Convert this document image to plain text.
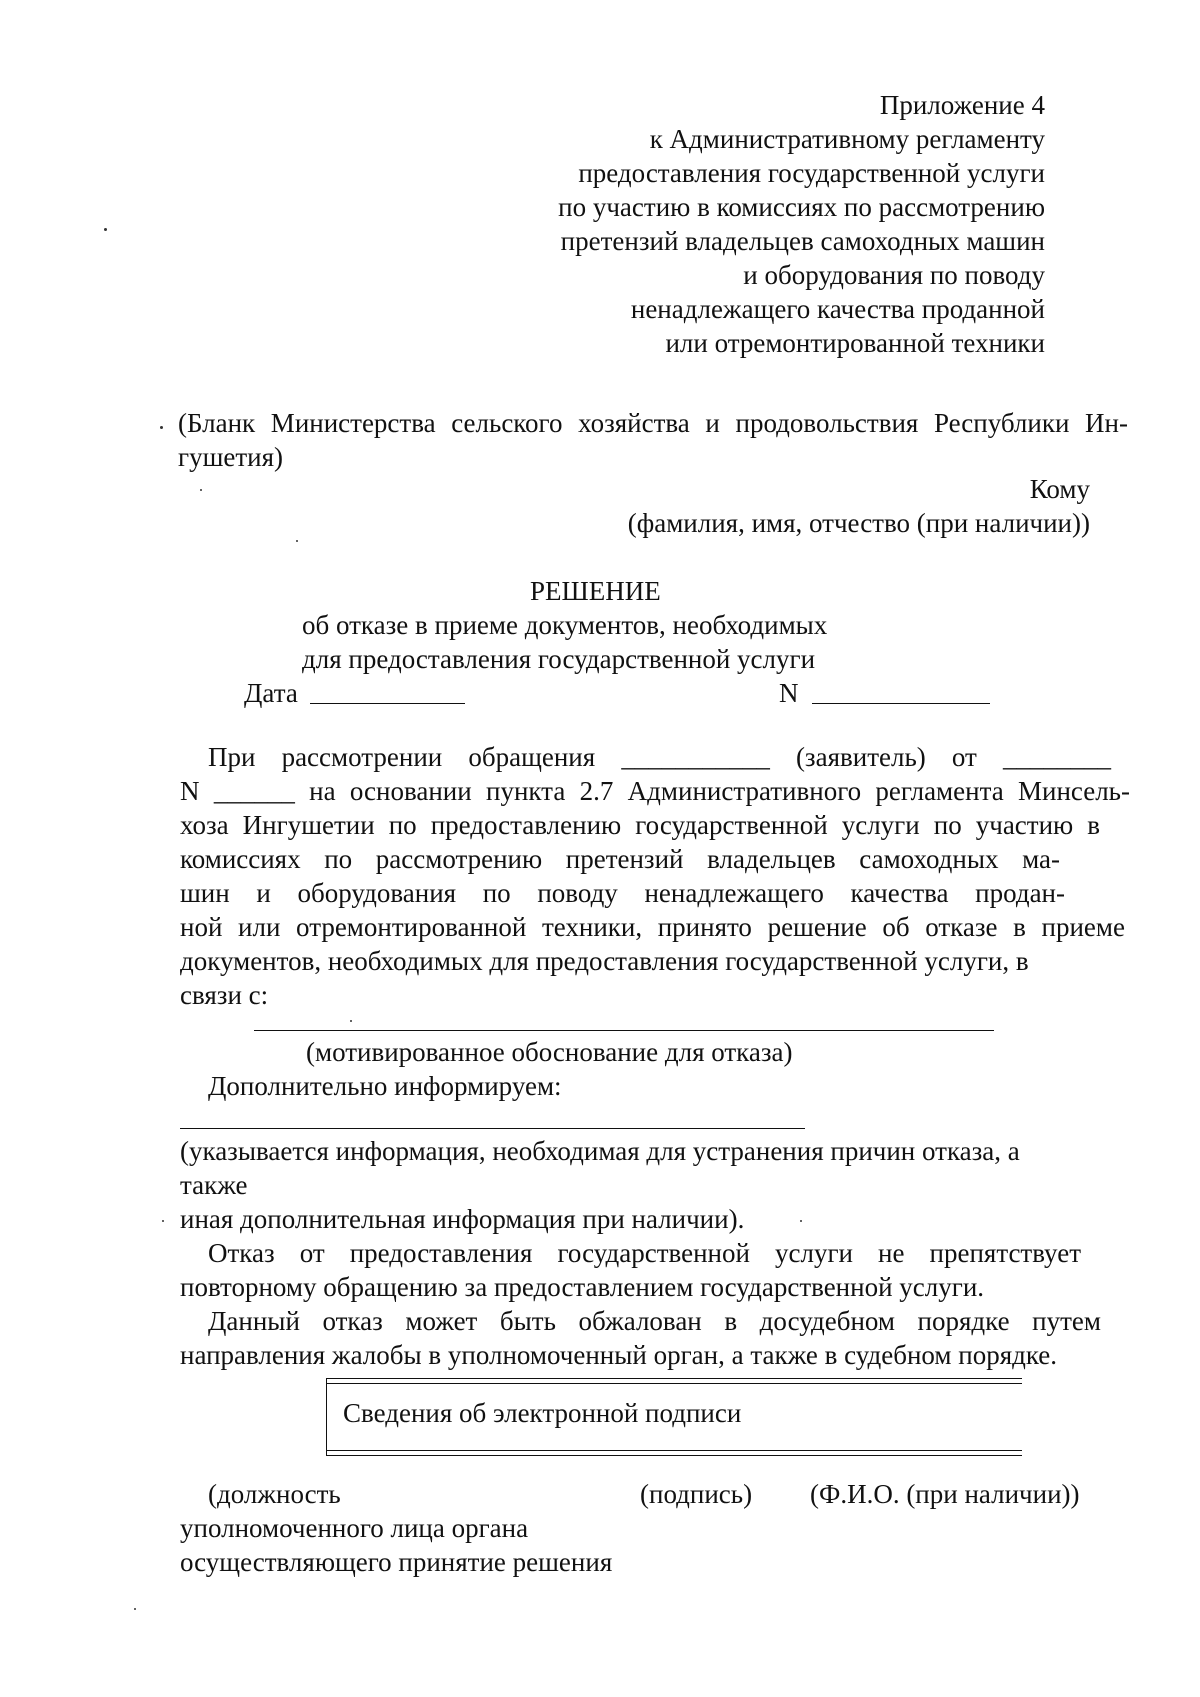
Приложение 4
к Административному регламенту
предоставления государственной услуги
по участию в комиссиях по рассмотрению
претензий владельцев самоходных машин
и оборудования по поводу
ненадлежащего качества проданной
или отремонтированной техники
(Бланк Министерства сельского хозяйства и продовольствия Республики Ин-
гушетия)
Кому
(фамилия, имя, отчество (при наличии))
РЕШЕНИЕ
об отказе в приеме документов, необходимых
для предоставления государственной услуги
Дата	N
При рассмотрении обращения ___________ (заявитель) от ________
N ______ на основании пункта 2.7 Административного регламента Минсель-
хоза Ингушетии по предоставлению государственной услуги по участию в
комиссиях по рассмотрению претензий владельцев самоходных ма-
шин и оборудования по поводу ненадлежащего качества продан-
ной или отремонтированной техники, принято решение об отказе в приеме
документов, необходимых для предоставления государственной услуги, в
связи с:
(мотивированное обоснование для отказа)
Дополнительно информируем:
(указывается информация, необходимая для устранения причин отказа, а
также
иная дополнительная информация при наличии).
Отказ от предоставления государственной услуги не препятствует
повторному обращению за предоставлением государственной услуги.
Данный отказ может быть обжалован в досудебном порядке путем
направления жалобы в уполномоченный орган, а также в судебном порядке.
Сведения об электронной подписи
(должность
уполномоченного лица органа
осуществляющего принятие решения
(подпись) (Ф.И.О. (при наличии))
